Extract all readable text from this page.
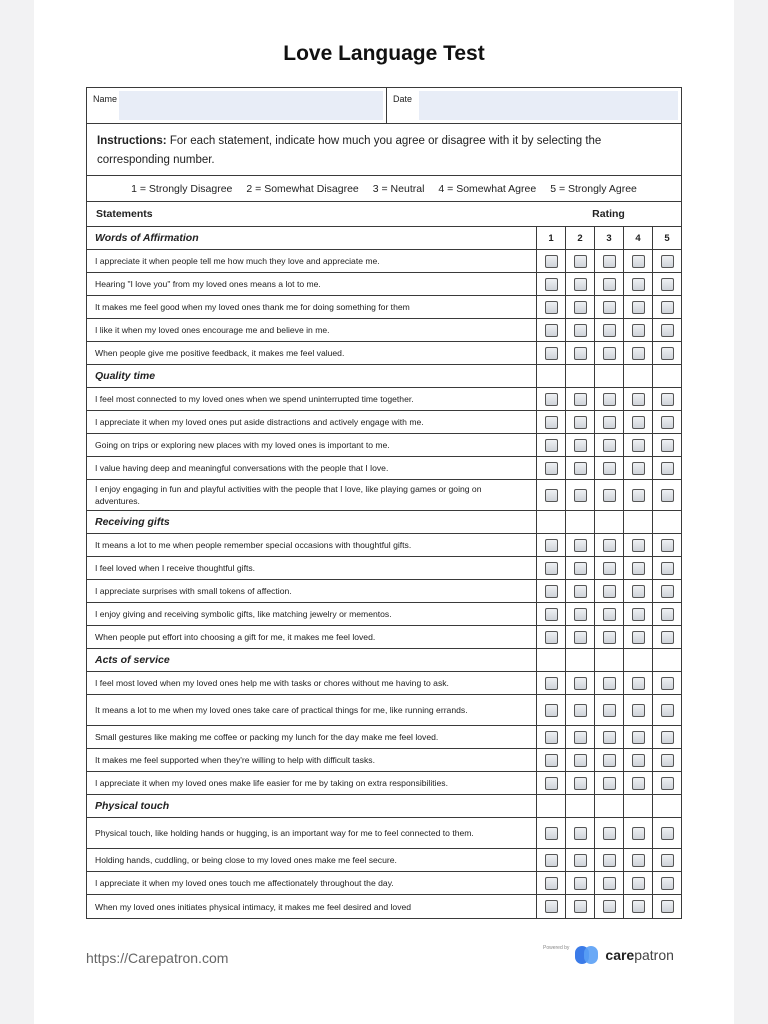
Love Language Test
Name	Date
Instructions: For each statement, indicate how much you agree or disagree with it by selecting the corresponding number.
1 = Strongly Disagree 2 = Somewhat Disagree 3 = Neutral 4 = Somewhat Agree 5 = Strongly Agree
Statements	Rating
Words of Affirmation	1	2	3	4	5
I appreciate it when people tell me how much they love and appreciate me.
Hearing "I love you" from my loved ones means a lot to me.
It makes me feel good when my loved ones thank me for doing something for them
I like it when my loved ones encourage me and believe in me.
When people give me positive feedback, it makes me feel valued.
Quality time
I feel most connected to my loved ones when we spend uninterrupted time together.
I appreciate it when my loved ones put aside distractions and actively engage with me.
Going on trips or exploring new places with my loved ones is important to me.
I value having deep and meaningful conversations with the people that I love.
I enjoy engaging in fun and playful activities with the people that I love, like playing games or going on adventures.
Receiving gifts
It means a lot to me when people remember special occasions with thoughtful gifts.
I feel loved when I receive thoughtful gifts.
I appreciate surprises with small tokens of affection.
I enjoy giving and receiving symbolic gifts, like matching jewelry or mementos.
When people put effort into choosing a gift for me, it makes me feel loved.
Acts of service
I feel most loved when my loved ones help me with tasks or chores without me having to ask.
It means a lot to me when my loved ones take care of practical things for me, like running errands.
Small gestures like making me coffee or packing my lunch for the day make me feel loved.
It makes me feel supported when they're willing to help with difficult tasks.
I appreciate it when my loved ones make life easier for me by taking on extra responsibilities.
Physical touch
Physical touch, like holding hands or hugging, is an important way for me to feel connected to them.
Holding hands, cuddling, or being close to my loved ones make me feel secure.
I appreciate it when my loved ones touch me affectionately throughout the day.
When my loved ones initiates physical intimacy, it makes me feel desired and loved
https://Carepatron.com
Powered by	carepatron
